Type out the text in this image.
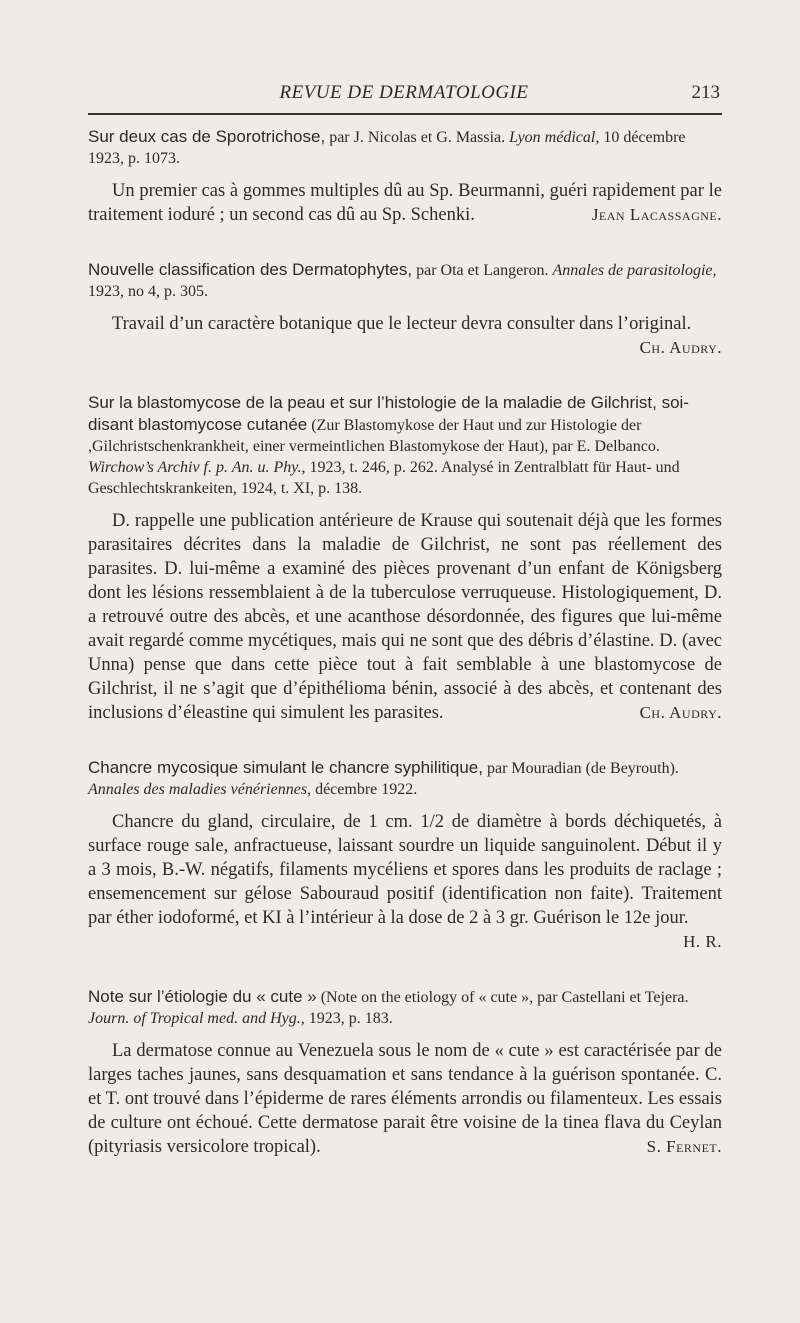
REVUE DE DERMATOLOGIE	213

Sur deux cas de Sporotrichose, par J. Nicolas et G. Massia. Lyon médical, 10 décembre 1923, p. 1073.

Un premier cas à gommes multiples dû au Sp. Beurmanni, guéri rapidement par le traitement ioduré ; un second cas dû au Sp. Schenki.	Jean Lacassagne.

Nouvelle classification des Dermatophytes, par Ota et Langeron. Annales de parasitologie, 1923, no 4, p. 305.

Travail d’un caractère botanique que le lecteur devra consulter dans l’original.
Ch. Audry.

Sur la blastomycose de la peau et sur l’histologie de la maladie de Gilchrist, soi-disant blastomycose cutanée (Zur Blastomykose der Haut und zur Histologie der ,Gilchristschenkrankheit, einer vermeintlichen Blastomykose der Haut), par E. Delbanco. Wirchow’s Archiv f. p. An. u. Phy., 1923, t. 246, p. 262. Analysé in Zentralblatt für Haut- und Geschlechtskrankeiten, 1924, t. XI, p. 138.

D. rappelle une publication antérieure de Krause qui soutenait déjà que les formes parasitaires décrites dans la maladie de Gilchrist, ne sont pas réellement des parasites. D. lui-même a examiné des pièces provenant d’un enfant de Königsberg dont les lésions ressemblaient à de la tuberculose verruqueuse. Histologiquement, D. a retrouvé outre des abcès, et une acanthose désordonnée, des figures que lui-même avait regardé comme mycétiques, mais qui ne sont que des débris d’élastine. D. (avec Unna) pense que dans cette pièce tout à fait semblable à une blastomycose de Gilchrist, il ne s’agit que d’épithélioma bénin, associé à des abcès, et contenant des inclusions d’éleastine qui simulent les parasites.	Ch. Audry.

Chancre mycosique simulant le chancre syphilitique, par Mouradian (de Beyrouth). Annales des maladies vénériennes, décembre 1922.

Chancre du gland, circulaire, de 1 cm. 1/2 de diamètre à bords déchiquetés, à surface rouge sale, anfractueuse, laissant sourdre un liquide sanguinolent. Début il y a 3 mois, B.-W. négatifs, filaments mycéliens et spores dans les produits de raclage ; ensemencement sur gélose Sabouraud positif (identification non faite). Traitement par éther iodoformé, et KI à l’intérieur à la dose de 2 à 3 gr. Guérison le 12e jour.
H. R.

Note sur l’étiologie du « cute » (Note on the etiology of « cute », par Castellani et Tejera. Journ. of Tropical med. and Hyg., 1923, p. 183.

La dermatose connue au Venezuela sous le nom de « cute » est caractérisée par de larges taches jaunes, sans desquamation et sans tendance à la guérison spontanée. C. et T. ont trouvé dans l’épiderme de rares éléments arrondis ou filamenteux. Les essais de culture ont échoué. Cette dermatose parait être voisine de la tinea flava du Ceylan (pityriasis versicolore tropical).	S. Fernet.
